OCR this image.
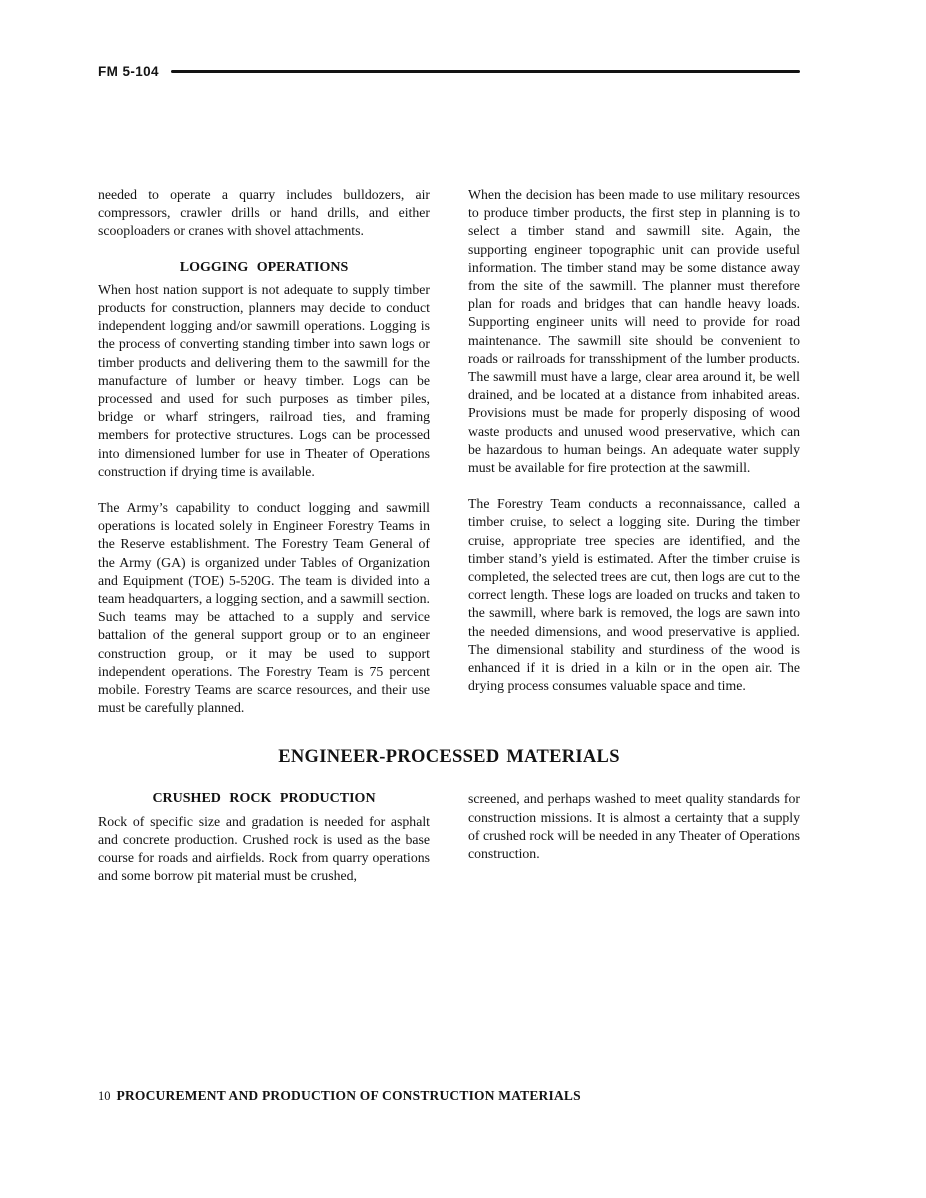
FM 5-104

needed to operate a quarry includes bulldozers, air compressors, crawler drills or hand drills, and either scooploaders or cranes with shovel attachments.

LOGGING OPERATIONS

When host nation support is not adequate to supply timber products for construction, planners may decide to conduct independent logging and/or sawmill operations. Logging is the process of converting standing timber into sawn logs or timber products and delivering them to the sawmill for the manufacture of lumber or heavy timber. Logs can be processed and used for such purposes as timber piles, bridge or wharf stringers, railroad ties, and framing members for protective structures. Logs can be processed into dimensioned lumber for use in Theater of Operations construction if drying time is available.

The Army’s capability to conduct logging and sawmill operations is located solely in Engineer Forestry Teams in the Reserve establishment. The Forestry Team General of the Army (GA) is organized under Tables of Organization and Equipment (TOE) 5-520G. The team is divided into a team headquarters, a logging section, and a sawmill section. Such teams may be attached to a supply and service battalion of the general support group or to an engineer construction group, or it may be used to support independent operations. The Forestry Team is 75 percent mobile. Forestry Teams are scarce resources, and their use must be carefully planned.

When the decision has been made to use military resources to produce timber products, the first step in planning is to select a timber stand and sawmill site. Again, the supporting engineer topographic unit can provide useful information. The timber stand may be some distance away from the site of the sawmill. The planner must therefore plan for roads and bridges that can handle heavy loads. Supporting engineer units will need to provide for road maintenance. The sawmill site should be convenient to roads or railroads for transshipment of the lumber products. The sawmill must have a large, clear area around it, be well drained, and be located at a distance from inhabited areas. Provisions must be made for properly disposing of wood waste products and unused wood preservative, which can be hazardous to human beings. An adequate water supply must be available for fire protection at the sawmill.

The Forestry Team conducts a reconnaissance, called a timber cruise, to select a logging site. During the timber cruise, appropriate tree species are identified, and the timber stand’s yield is estimated. After the timber cruise is completed, the selected trees are cut, then logs are cut to the correct length. These logs are loaded on trucks and taken to the sawmill, where bark is removed, the logs are sawn into the needed dimensions, and wood preservative is applied. The dimensional stability and sturdiness of the wood is enhanced if it is dried in a kiln or in the open air. The drying process consumes valuable space and time.

ENGINEER-PROCESSED MATERIALS
CRUSHED ROCK PRODUCTION

Rock of specific size and gradation is needed for asphalt and concrete production. Crushed rock is used as the base course for roads and airfields. Rock from quarry operations and some borrow pit material must be crushed,

screened, and perhaps washed to meet quality standards for construction missions. It is almost a certainty that a supply of crushed rock will be needed in any Theater of Operations construction.

10 PROCUREMENT AND PRODUCTION OF CONSTRUCTION MATERIALS
